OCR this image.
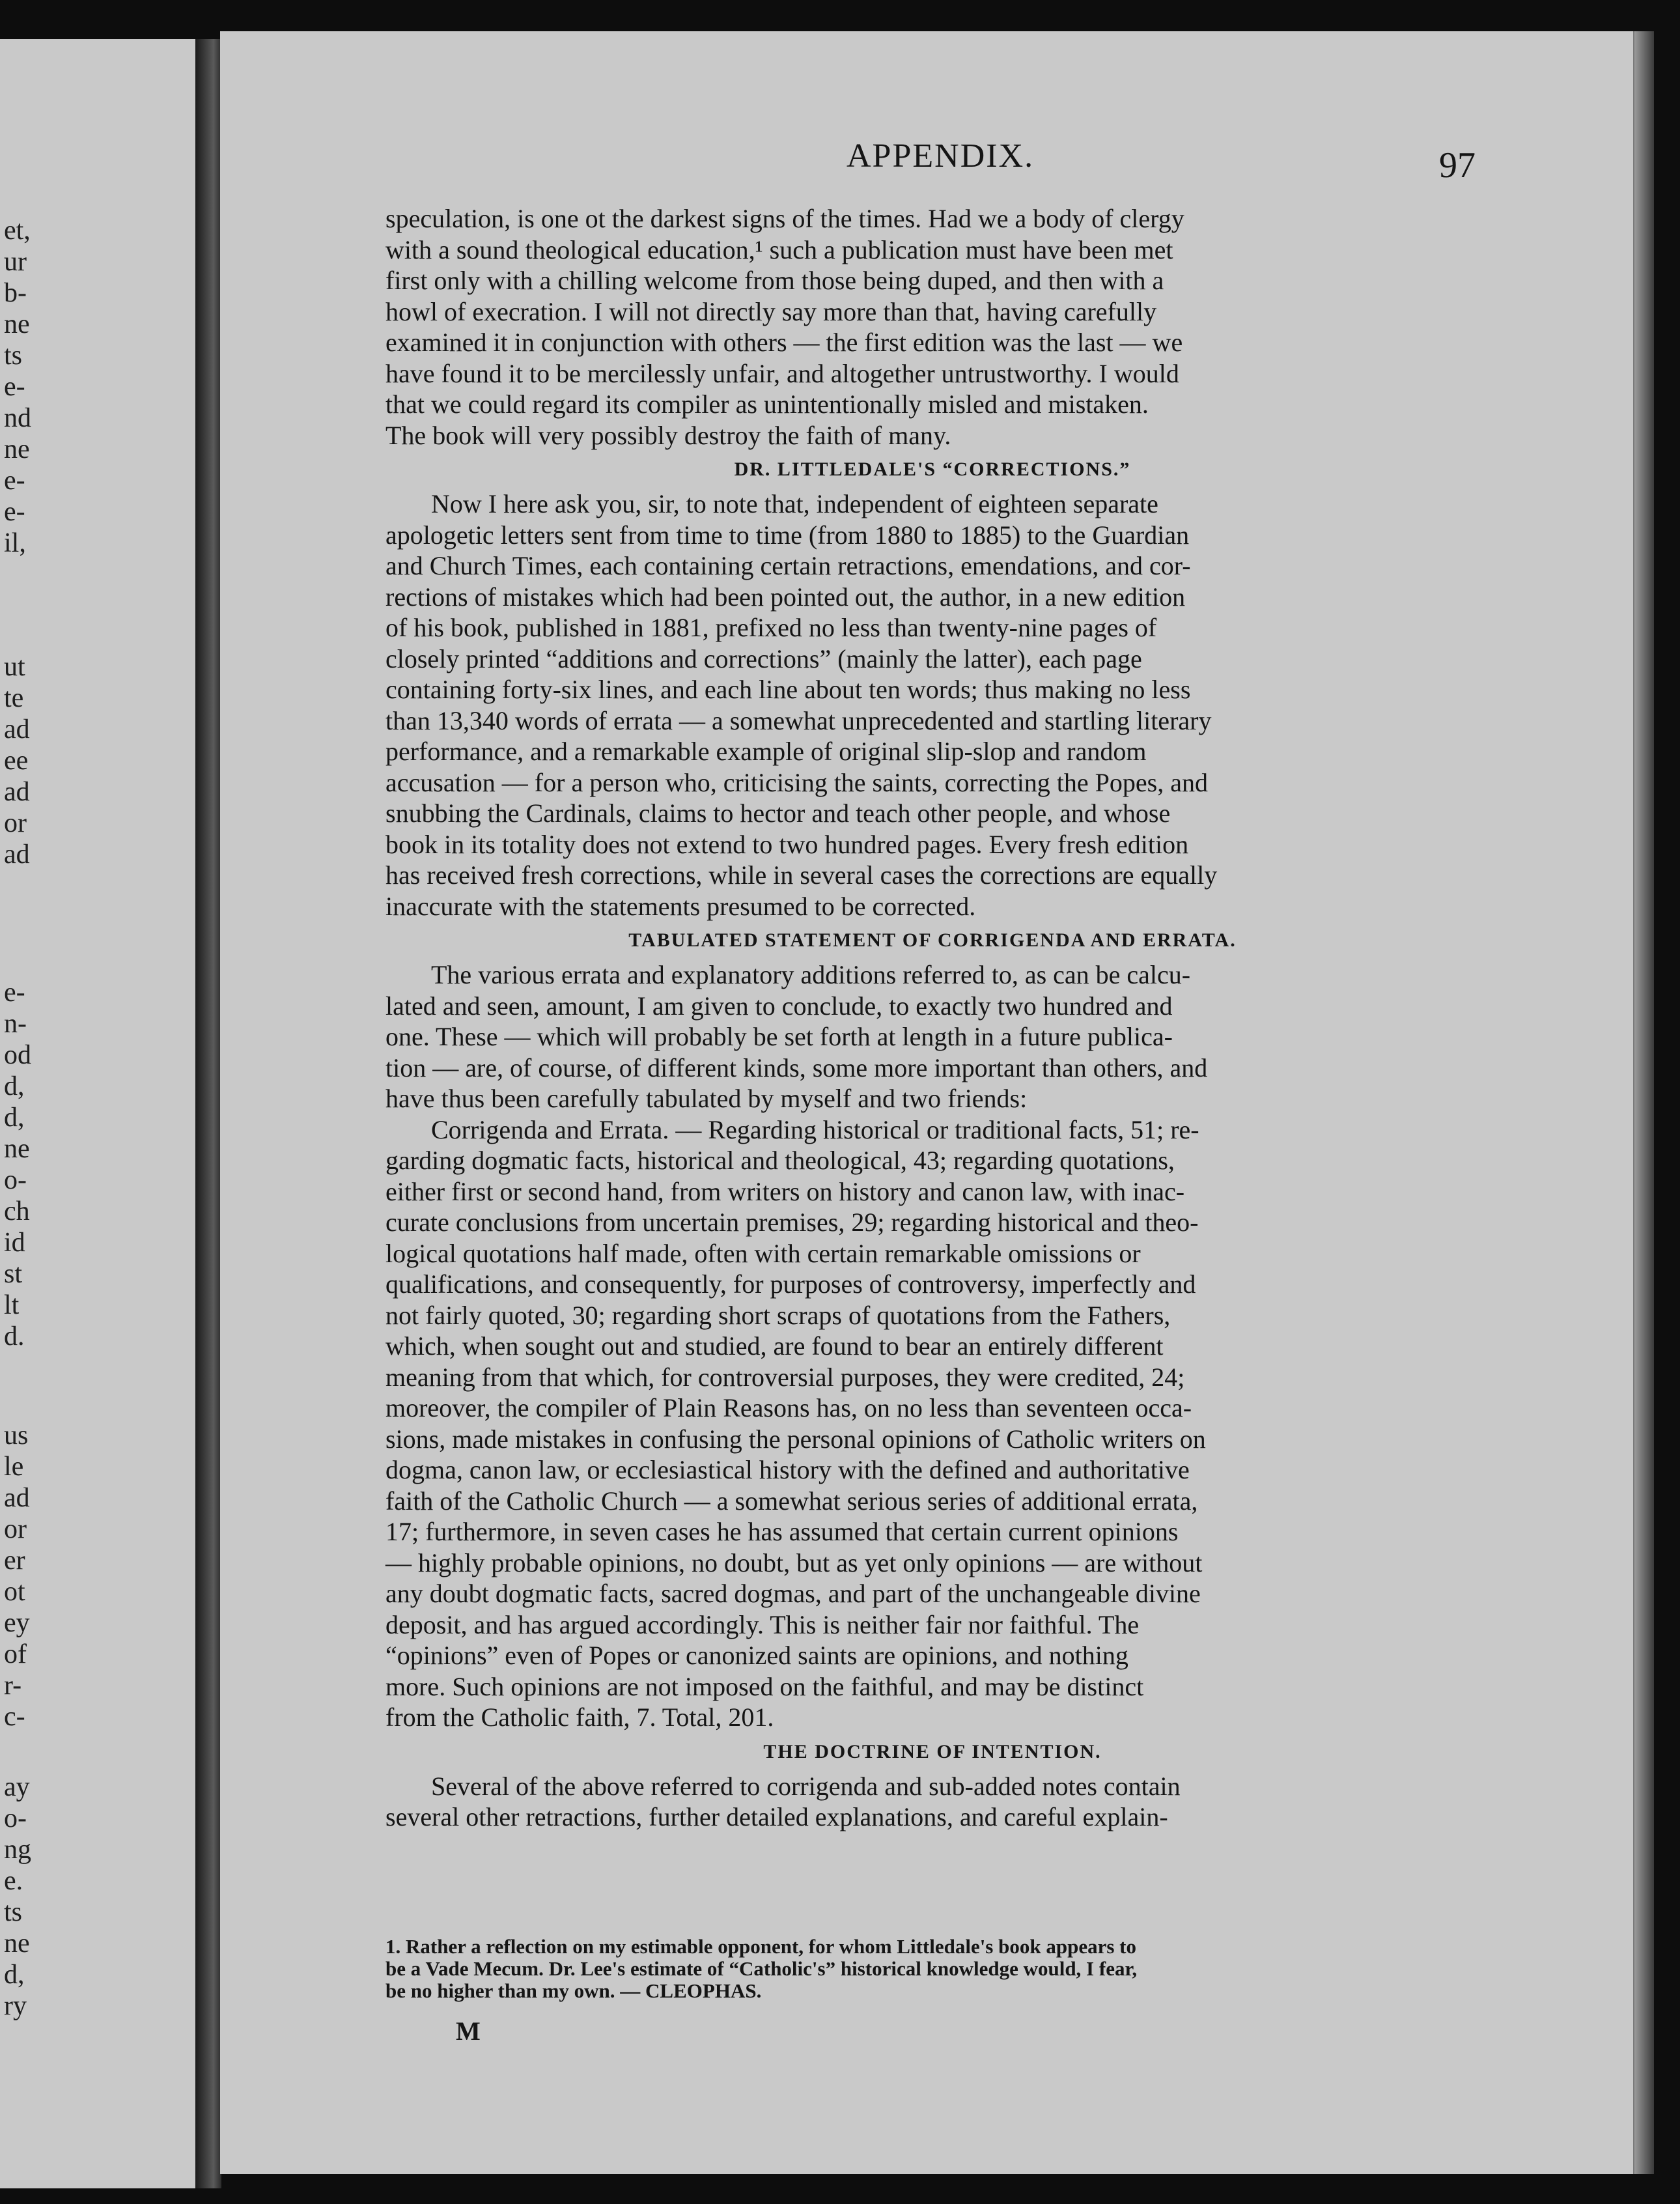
et,
ur
b-
ne
ts
e-
nd
ne
e-
e-
il,
ut
te
ad
ee
ad
or
ad
e-
n-
od
d,
d,
ne
o-
ch
id
st
lt
d.
us
le
ad
or
er
ot
ey
of
r-
c-
ay
o-
ng
e.
ts
ne
d,
ry
APPENDIX.	97
speculation, is one ot the darkest signs of the times. Had we a body of clergy
with a sound theological education,¹ such a publication must have been met
first only with a chilling welcome from those being duped, and then with a
howl of execration. I will not directly say more than that, having carefully
examined it in conjunction with others — the first edition was the last — we
have found it to be mercilessly unfair, and altogether untrustworthy. I would
that we could regard its compiler as unintentionally misled and mistaken.
The book will very possibly destroy the faith of many.
DR. LITTLEDALE'S “CORRECTIONS.”
Now I here ask you, sir, to note that, independent of eighteen separate
apologetic letters sent from time to time (from 1880 to 1885) to the Guardian
and Church Times, each containing certain retractions, emendations, and cor-
rections of mistakes which had been pointed out, the author, in a new edition
of his book, published in 1881, prefixed no less than twenty-nine pages of
closely printed “additions and corrections” (mainly the latter), each page
containing forty-six lines, and each line about ten words; thus making no less
than 13,340 words of errata — a somewhat unprecedented and startling literary
performance, and a remarkable example of original slip-slop and random
accusation — for a person who, criticising the saints, correcting the Popes, and
snubbing the Cardinals, claims to hector and teach other people, and whose
book in its totality does not extend to two hundred pages. Every fresh edition
has received fresh corrections, while in several cases the corrections are equally
inaccurate with the statements presumed to be corrected.
TABULATED STATEMENT OF CORRIGENDA AND ERRATA.
The various errata and explanatory additions referred to, as can be calcu-
lated and seen, amount, I am given to conclude, to exactly two hundred and
one. These — which will probably be set forth at length in a future publica-
tion — are, of course, of different kinds, some more important than others, and
have thus been carefully tabulated by myself and two friends:
Corrigenda and Errata. — Regarding historical or traditional facts, 51; re-
garding dogmatic facts, historical and theological, 43; regarding quotations,
either first or second hand, from writers on history and canon law, with inac-
curate conclusions from uncertain premises, 29; regarding historical and theo-
logical quotations half made, often with certain remarkable omissions or
qualifications, and consequently, for purposes of controversy, imperfectly and
not fairly quoted, 30; regarding short scraps of quotations from the Fathers,
which, when sought out and studied, are found to bear an entirely different
meaning from that which, for controversial purposes, they were credited, 24;
moreover, the compiler of Plain Reasons has, on no less than seventeen occa-
sions, made mistakes in confusing the personal opinions of Catholic writers on
dogma, canon law, or ecclesiastical history with the defined and authoritative
faith of the Catholic Church — a somewhat serious series of additional errata,
17; furthermore, in seven cases he has assumed that certain current opinions
— highly probable opinions, no doubt, but as yet only opinions — are without
any doubt dogmatic facts, sacred dogmas, and part of the unchangeable divine
deposit, and has argued accordingly. This is neither fair nor faithful. The
“opinions” even of Popes or canonized saints are opinions, and nothing
more. Such opinions are not imposed on the faithful, and may be distinct
from the Catholic faith, 7. Total, 201.
THE DOCTRINE OF INTENTION.
Several of the above referred to corrigenda and sub-added notes contain
several other retractions, further detailed explanations, and careful explain-
1. Rather a reflection on my estimable opponent, for whom Littledale's book appears to
be a Vade Mecum. Dr. Lee's estimate of “Catholic's” historical knowledge would, I fear,
be no higher than my own. — CLEOPHAS.
M
